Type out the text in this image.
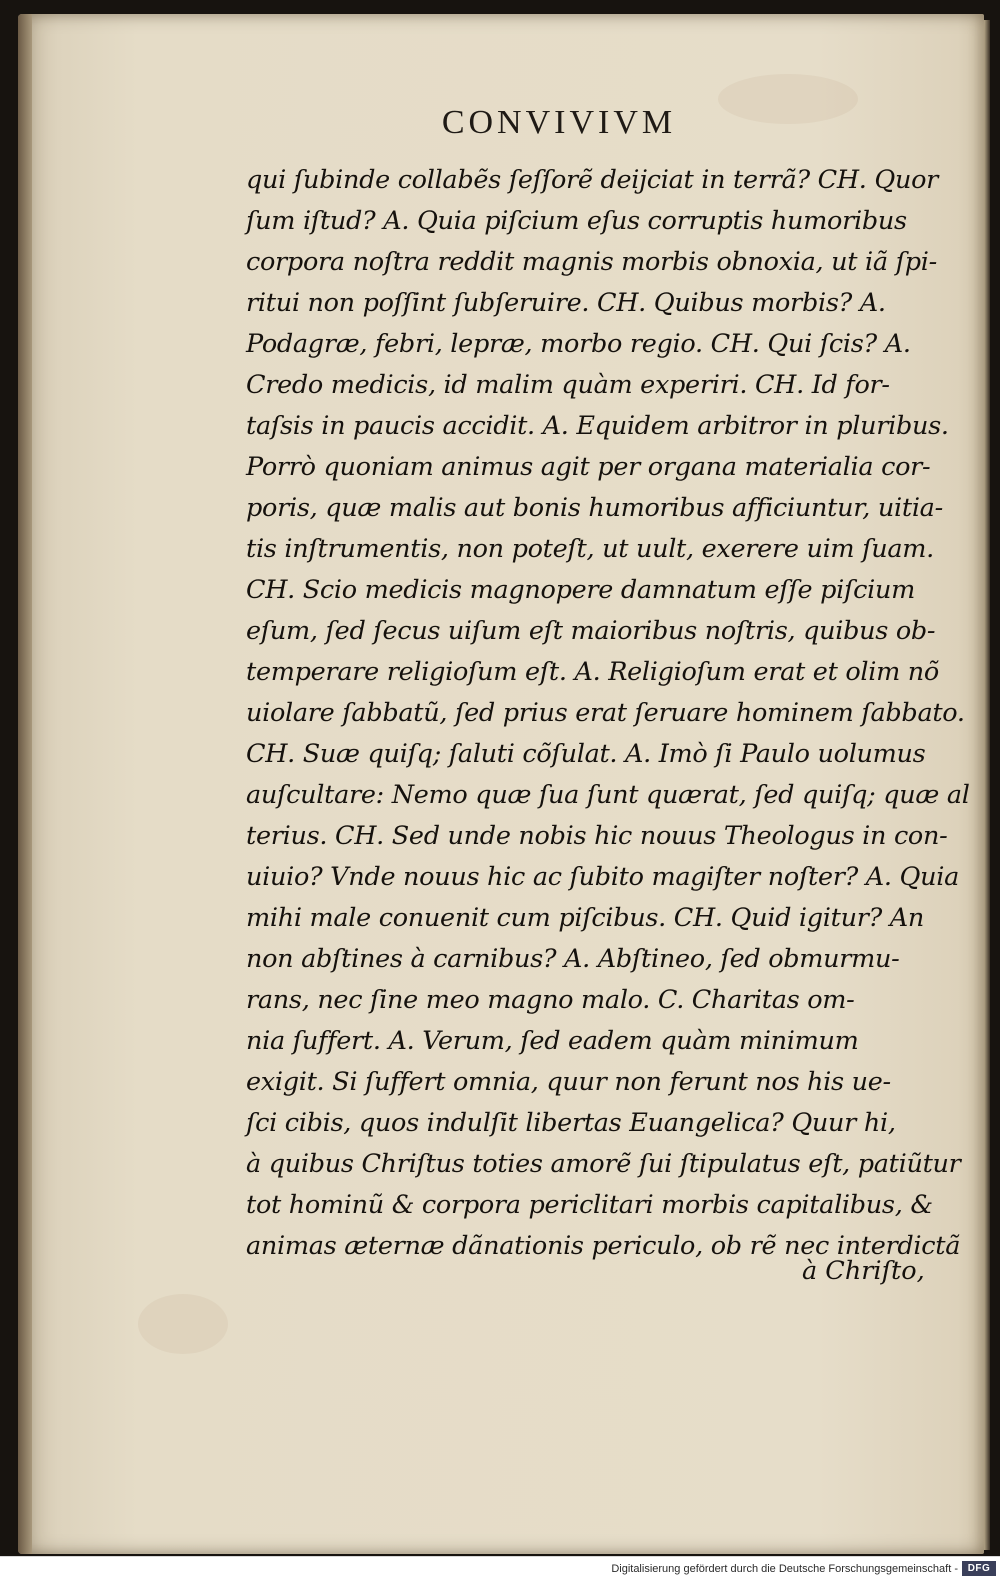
CONVIVIVM
qui ſubinde collabẽs ſeſſorẽ deijciat in terrã? CH. Quor
ſum iſtud? A. Quia piſcium eſus corruptis humoribus
corpora noſtra reddit magnis morbis obnoxia, ut iã ſpi-
ritui non poſſint ſubſeruire. CH. Quibus morbis? A.
Podagræ, febri, lepræ, morbo regio. CH. Qui ſcis? A.
Credo medicis, id malim quàm experiri. CH. Id for-
taſsis in paucis accidit. A. Equidem arbitror in pluribus.
Porrò quoniam animus agit per organa materialia cor-
poris, quæ malis aut bonis humoribus afficiuntur, uitia-
tis inſtrumentis, non poteſt, ut uult, exerere uim ſuam.
CH. Scio medicis magnopere damnatum eſſe piſcium
eſum, ſed ſecus uiſum eſt maioribus noſtris, quibus ob-
temperare religioſum eſt. A. Religioſum erat et olim nõ
uiolare ſabbatũ, ſed prius erat ſeruare hominem ſabbato.
CH. Suæ quiſq; ſaluti cõſulat. A. Imò ſi Paulo uolumus
auſcultare: Nemo quæ ſua ſunt quærat, ſed quiſq; quæ al
terius. CH. Sed unde nobis hic nouus Theologus in con-
uiuio? Vnde nouus hic ac ſubito magiſter noſter? A. Quia
mihi male conuenit cum piſcibus. CH. Quid igitur? An
non abſtines à carnibus? A. Abſtineo, ſed obmurmu-
rans, nec ſine meo magno malo. C. Charitas om-
nia ſuffert. A. Verum, ſed eadem quàm minimum
exigit. Si ſuffert omnia, quur non ferunt nos his ue-
ſci cibis, quos indulſit libertas Euangelica? Quur hi,
à quibus Chriſtus toties amorẽ ſui ſtipulatus eſt, patiũtur
tot hominũ & corpora periclitari morbis capitalibus, &
animas æternæ dãnationis periculo, ob rẽ nec interdictã
à Chriſto,
Digitalisierung gefördert durch die Deutsche Forschungsgemeinschaft - DFG
